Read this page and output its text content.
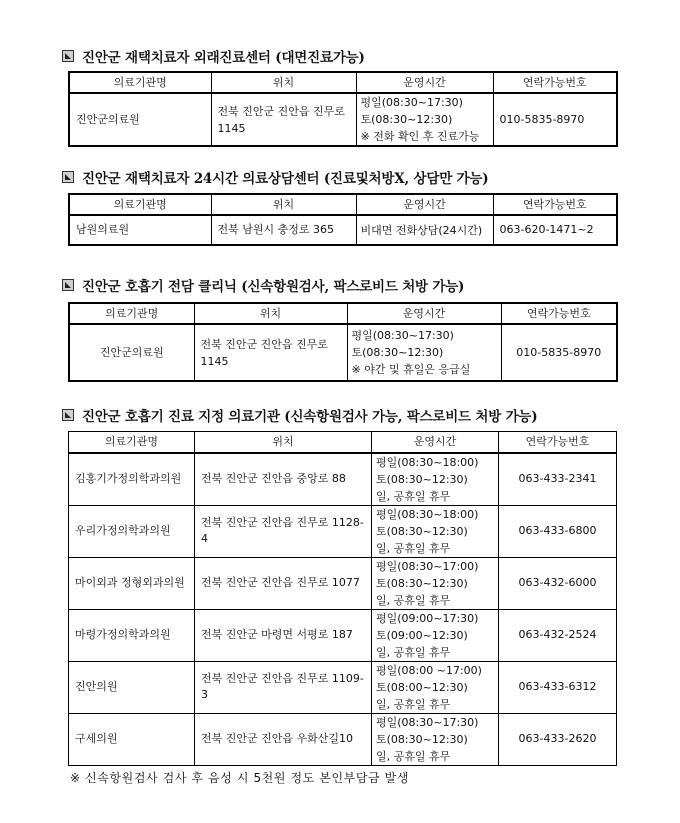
진안군 재택치료자 외래진료센터 (대면진료가능)
의료기관명	위치	운영시간	연락가능번호
진안군의료원	전북 진안군 진안읍 진무로 1145	평일(08:30~17:30)
토(08:30~12:30)
※ 전화 확인 후 진료가능	010-5835-8970
진안군 재택치료자 24시간 의료상담센터 (진료및처방X, 상담만 가능)
의료기관명	위치	운영시간	연락가능번호
남원의료원	전북 남원시 충정로 365	비대면 전화상담(24시간)	063-620-1471~2
진안군 호흡기 전담 클리닉 (신속항원검사, 팍스로비드 처방 가능)
의료기관명	위치	운영시간	연락가능번호
진안군의료원	전북 진안군 진안읍 진무로 1145	평일(08:30~17:30)
토(08:30~12:30)
※ 야간 및 휴일은 응급실	010-5835-8970
진안군 호흡기 진료 지정 의료기관 (신속항원검사 가능, 팍스로비드 처방 가능)
의료기관명	위치	운영시간	연락가능번호
김홍기가정의학과의원	전북 진안군 진안읍 중앙로 88	평일(08:30~18:00)
토(08:30~12:30)
일, 공휴일 휴무	063-433-2341
우리가정의학과의원	전북 진안군 진안읍 진무로 1128-4	평일(08:30~18:00)
토(08:30~12:30)
일, 공휴일 휴무	063-433-6800
마이외과 정형외과의원	전북 진안군 진안읍 진무로 1077	평일(08:30~17:00)
토(08:30~12:30)
일, 공휴일 휴무	063-432-6000
마령가정의학과의원	전북 진안군 마령면 서평로 187	평일(09:00~17:30)
토(09:00~12:30)
일, 공휴일 휴무	063-432-2524
진안의원	전북 진안군 진안읍 진무로 1109-3	평일(08:00 ~17:00)
토(08:00~12:30)
일, 공휴일 휴무	063-433-6312
구세의원	전북 진안군 진안읍 우화산길10	평일(08:30~17:30)
토(08:30~12:30)
일, 공휴일 휴무	063-433-2620
※ 신속항원검사 검사 후 음성 시 5천원 정도 본인부담금 발생
